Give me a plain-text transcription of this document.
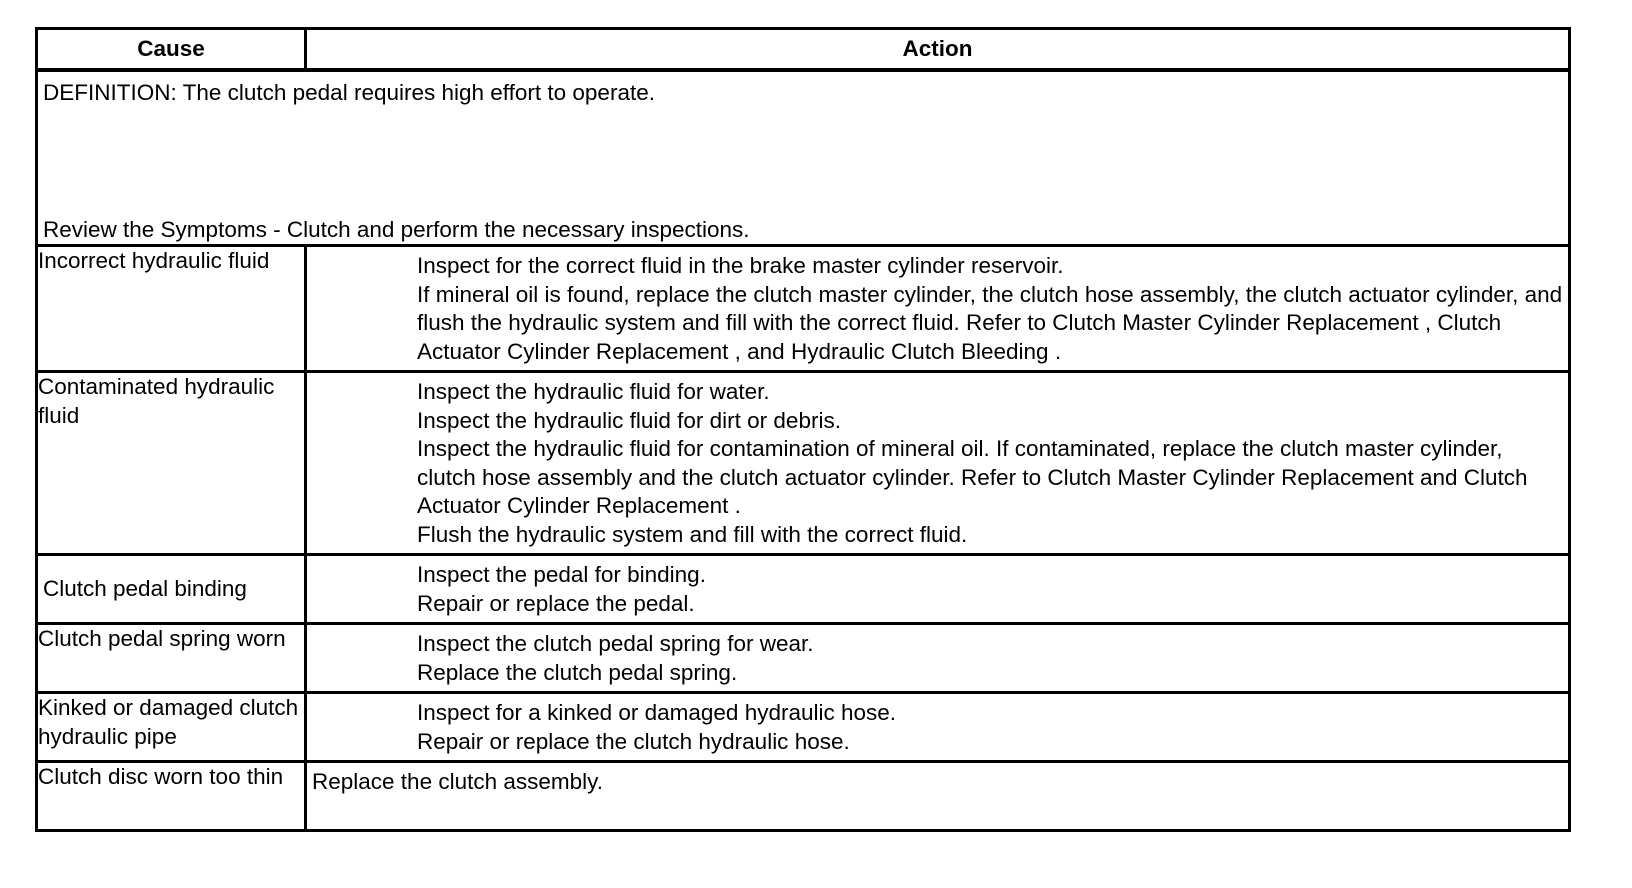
Cause	Action

DEFINITION: The clutch pedal requires high effort to operate.
Review the Symptoms - Clutch and perform the necessary inspections.	

Incorrect hydraulic fluid	Inspect for the correct fluid in the brake master cylinder reservoir.
If mineral oil is found, replace the clutch master cylinder, the clutch hose assembly, the clutch actuator cylinder, and flush the hydraulic system and fill with the correct fluid. Refer to Clutch Master Cylinder Replacement , Clutch Actuator Cylinder Replacement , and Hydraulic Clutch Bleeding .

Contaminated hydraulic fluid	Inspect the hydraulic fluid for water.
Inspect the hydraulic fluid for dirt or debris.
Inspect the hydraulic fluid for contamination of mineral oil. If contaminated, replace the clutch master cylinder, clutch hose assembly and the clutch actuator cylinder. Refer to Clutch Master Cylinder Replacement and Clutch Actuator Cylinder Replacement .
Flush the hydraulic system and fill with the correct fluid.

Clutch pedal binding	Inspect the pedal for binding.
Repair or replace the pedal.

Clutch pedal spring worn	Inspect the clutch pedal spring for wear.
Replace the clutch pedal spring.

Kinked or damaged clutch hydraulic pipe	Inspect for a kinked or damaged hydraulic hose.
Repair or replace the clutch hydraulic hose.

Clutch disc worn too thin	Replace the clutch assembly.
